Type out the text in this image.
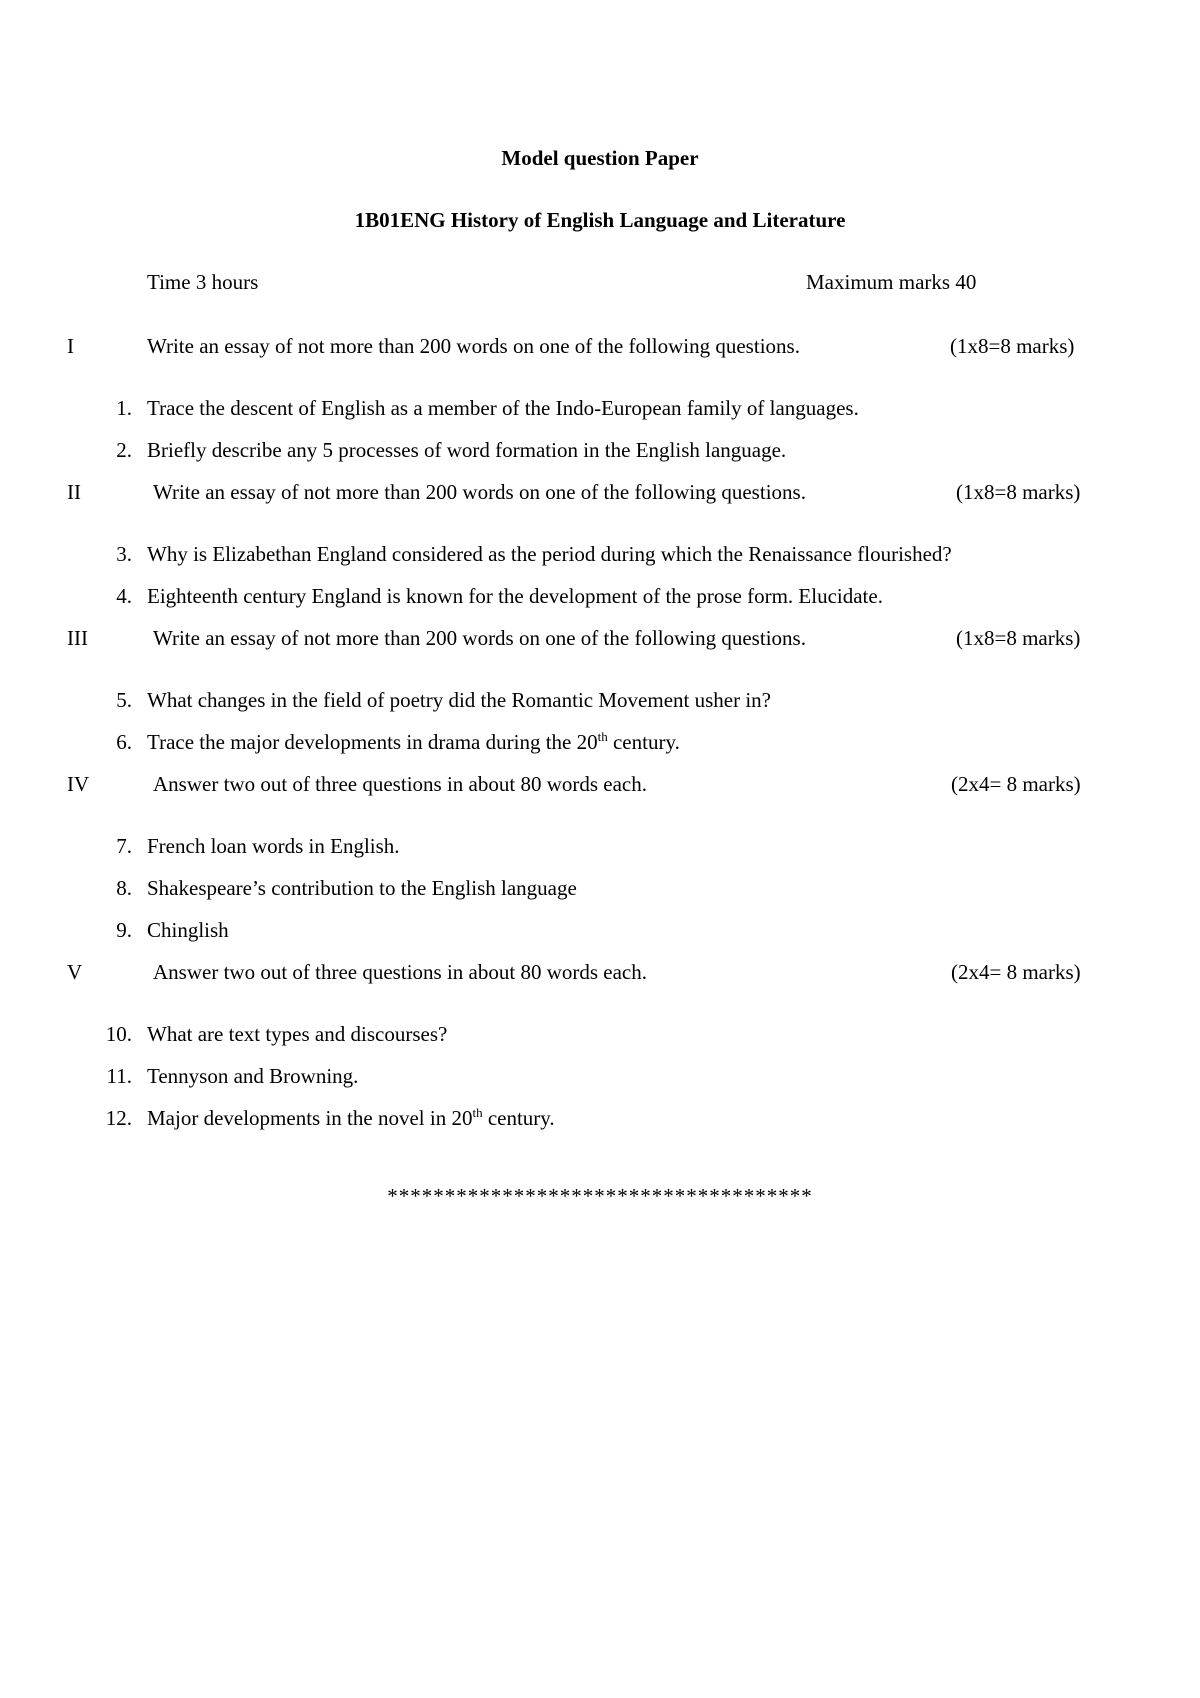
Model question Paper
1B01ENG History of English Language and Literature
Time 3 hours	Maximum marks 40
I	Write an essay of not more than 200 words on one of the following questions.	(1x8=8 marks)
1. Trace the descent of English as a member of the Indo-European family of languages.
2. Briefly describe any 5 processes of word formation in the English language.
II	Write an essay of not more than 200 words on one of the following questions.	(1x8=8 marks)
3. Why is Elizabethan England considered as the period during which the Renaissance flourished?
4. Eighteenth century England is known for the development of the prose form. Elucidate.
III	Write an essay of not more than 200 words on one of the following questions.	(1x8=8 marks)
5. What changes in the field of poetry did the Romantic Movement usher in?
6. Trace the major developments in drama during the 20th century.
IV	Answer two out of three questions in about 80 words each.	(2x4= 8 marks)
7. French loan words in English.
8. Shakespeare’s contribution to the English language
9. Chinglish
V	Answer two out of three questions in about 80 words each.	(2x4= 8 marks)
10. What are text types and discourses?
11. Tennyson and Browning.
12. Major developments in the novel in 20th century.
*************************************
